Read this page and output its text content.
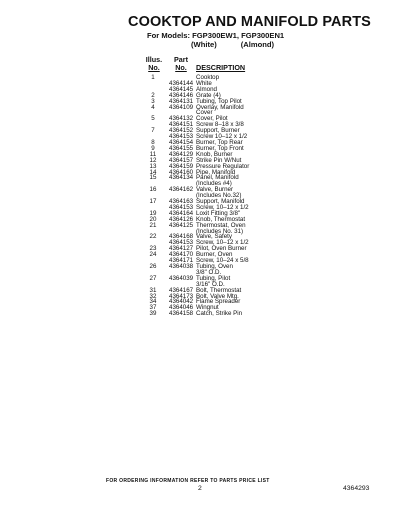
COOKTOP AND MANIFOLD PARTS
For Models: FGP300EW1, FGP300EN1
(White)	(Almond)
Illus.
No.
Part
No.	DESCRIPTION
1	Cooktop
4364144 White
4364145 Almond
2	4364146 Grate (4)
3	4364131 Tubing, Top Pilot
4	4364109 Overlay, Manifold
Cover
5	4364132 Cover, Pilot
4364151 Screw 8–18 x 3/8
7	4364152 Support, Burner
4364153 Screw 10–12 x 1/2
8	4364154 Burner, Top Rear
9	4364155 Burner, Top Front
11	4364129 Knob, Burner
12	4364157 Strike Pin W/Nut
13	4364159 Pressure Regulator
14	4364160 Pipe, Manifold
15	4364134 Panel, Manifold
(Includes #4)
16	4364162 Valve, Burner
(Includes No.32)
17	4364163 Support, Manifold
4364153 Screw, 10–12 x 1/2
19	4364164 Loxit Fitting 3/8"
20	4364126 Knob, Thermostat
21	4364125 Thermostat, Oven
(Includes No. 31)
22	4364168 Valve, Safety
4364153 Screw, 10–12 x 1/2
23	4364127 Pilot, Oven Burner
24	4364170 Burner, Oven
4364171 Screw, 10–24 x 5/8
26	4364038 Tubing, Oven
3/8" O.D.
27	4364039 Tubing, Pilot
3/16" O.D.
31	4364167 Bolt, Thermostat
32	4364173 Bolt, Valve Mtg.
34	4364042 Flame Spreader
37	4364046 Wingnut
39	4364158 Catch, Strike Pin
FOR ORDERING INFORMATION REFER TO PARTS PRICE LIST
2	4364293
